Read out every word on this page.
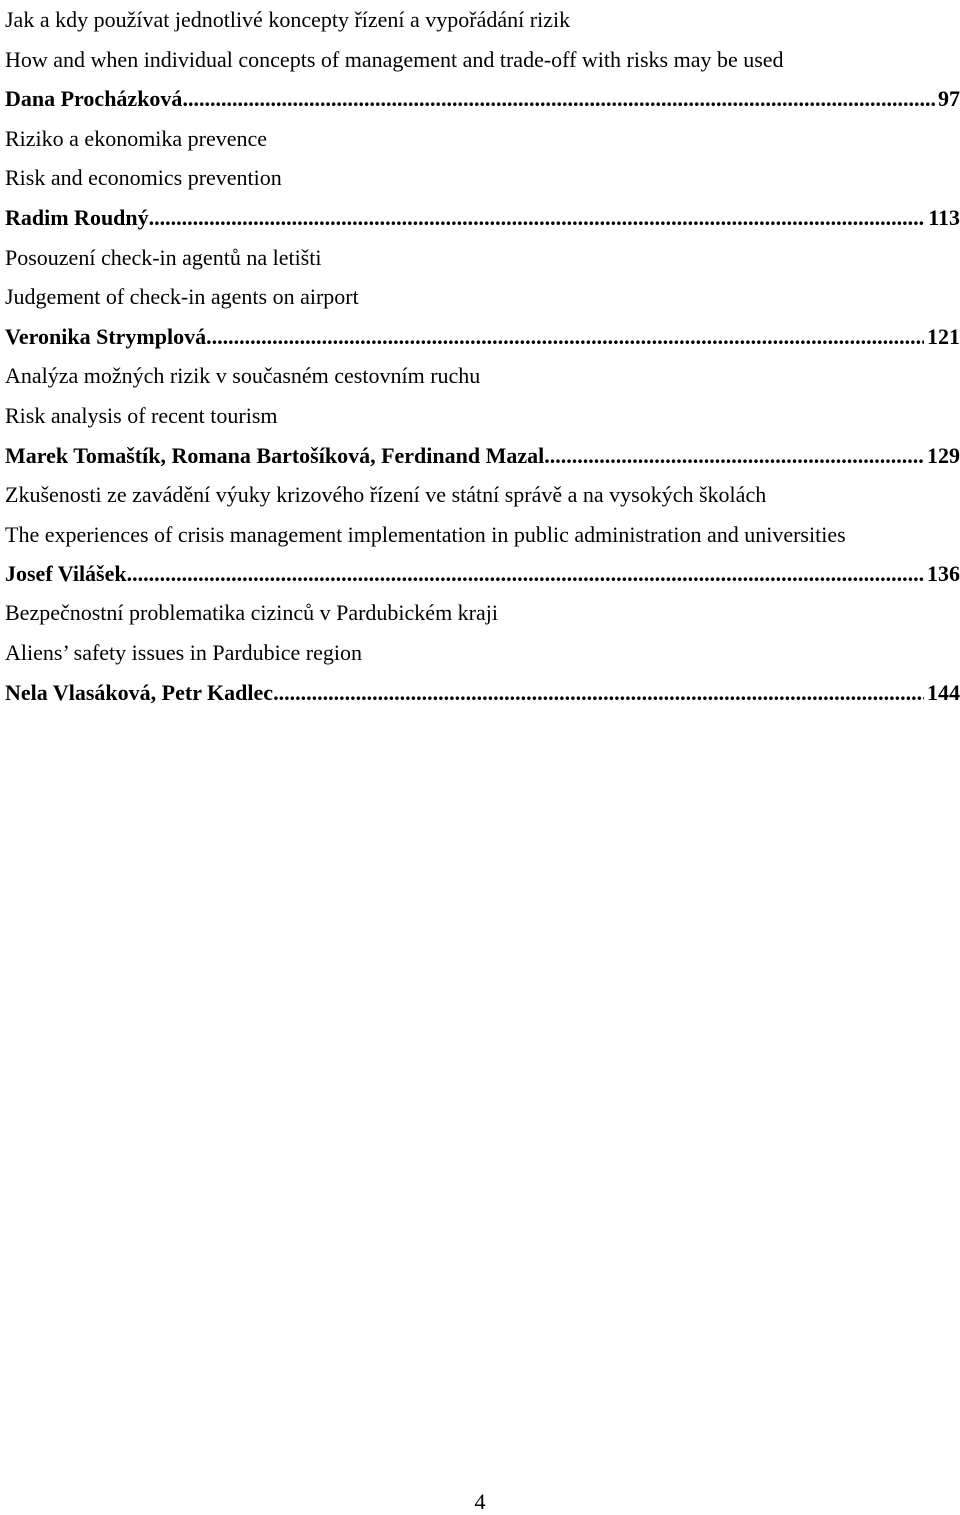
Jak a kdy používat jednotlivé koncepty řízení a vypořádání rizik
How and when individual concepts of management and trade-off with risks may be used
Dana Procházková .....	97
Riziko a ekonomika prevence
Risk and economics prevention
Radim Roudný .....	113
Posouzení check-in agentů na letišti
Judgement of check-in agents on airport
Veronika Strymplová .....	121
Analýza možných rizik v současném cestovním ruchu
Risk analysis of recent tourism
Marek Tomaštík, Romana Bartošíková, Ferdinand Mazal .....	129
Zkušenosti ze zavádění výuky krizového řízení ve státní správě a na vysokých školách
The experiences of crisis management implementation in public administration and universities
Josef Vilášek .....	136
Bezpečnostní problematika cizinců v Pardubickém kraji
Aliens’ safety issues in Pardubice region
Nela Vlasáková, Petr Kadlec .....	144
4
